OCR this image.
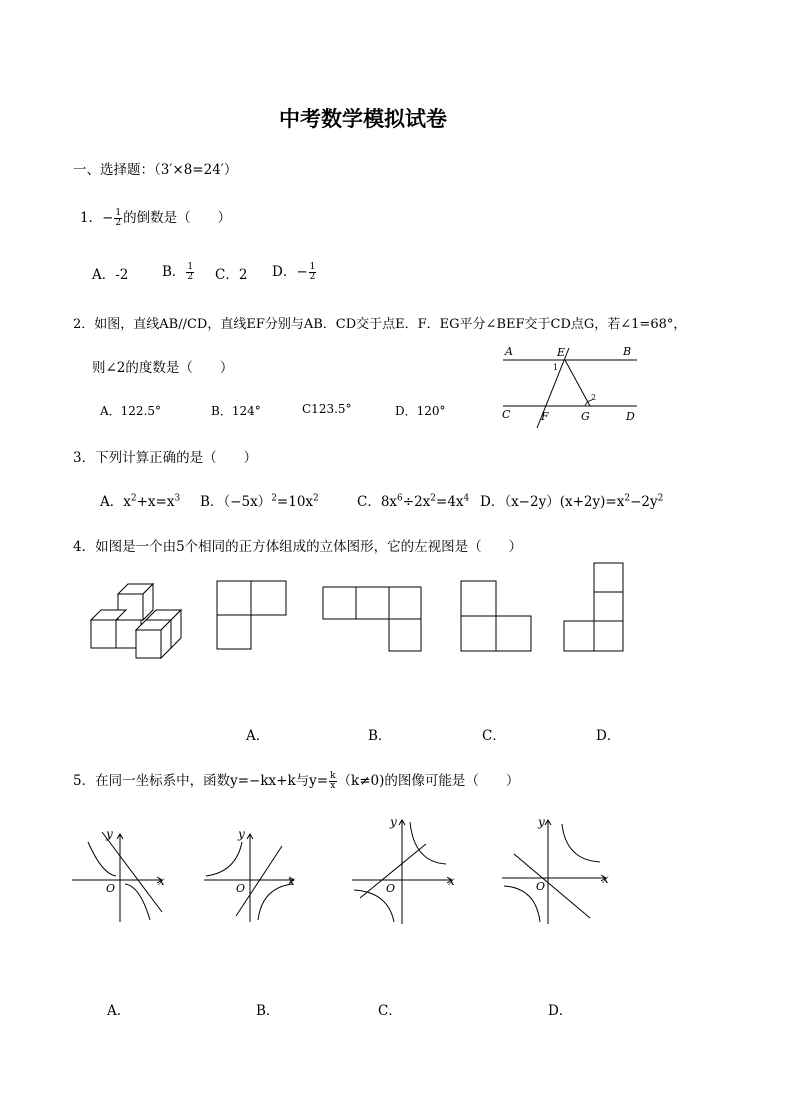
中考数学模拟试卷
一、选择题：（3′×8=24′）
1．− $\frac{1}{2}$ 的倒数是（　　）
A．-2 B． $\frac{1}{2}$ C．2 D．− $\frac{1}{2}$
2．如图，直线AB//CD，直线EF分别与AB．CD交于点E．F．EG平分∠BEF交于CD点G，若∠1=68°，
则∠2的度数是（　　）
A．122.5°	B．124°	C123.5°	D．120°
A	E	B
1
2
C	F	G	D
3．下列计算正确的是（　　）
A．$x^2+x=x^3$ B．$(-5x)^2=10x^2$	C．$8x^6\div 2x^2=4x^4$ D．$(x-2y)(x+2y)=x^2-2y^2$
4．如图是一个由5个相同的正方体组成的立体图形，它的左视图是（　　）
A．	B．	C．	D．
5．在同一坐标系中，函数y=−kx+k与$y= \frac{k}{x} (k\ne 0)$的图像可能是（　　）
x
y
O
x
y
O
x
y
O
x
y
O
A．	B．	C．	D．
